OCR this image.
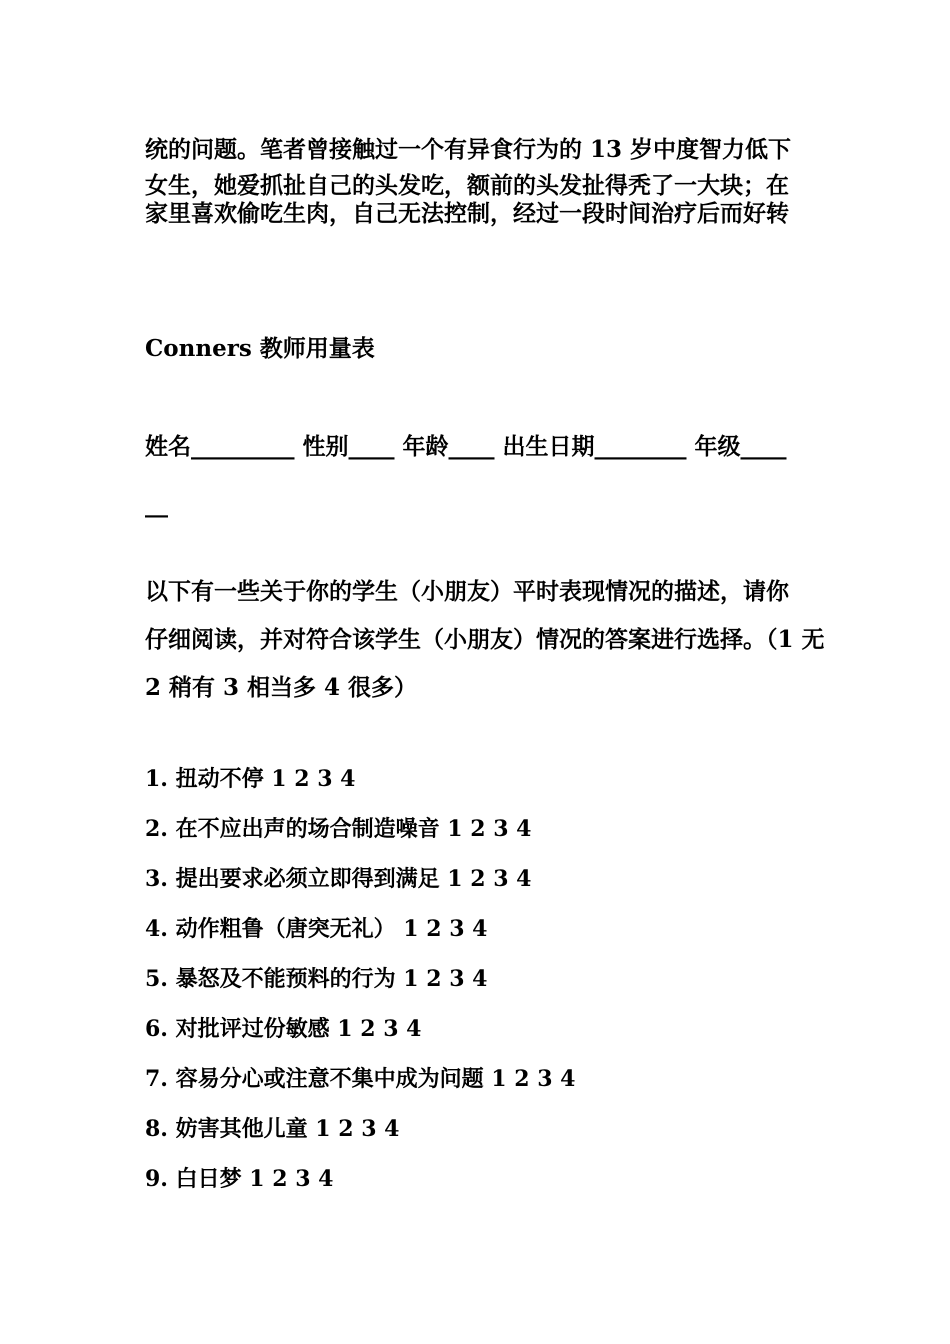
统的问题。笔者曾接触过一个有异食行为的 13 岁中度智力低下

女生，她爱抓扯自己的头发吃，额前的头发扯得秃了一大块；在

家里喜欢偷吃生肉，自己无法控制，经过一段时间治疗后而好转

Conners 教师用量表
姓名_________ 性别____ 年龄____ 出生日期________ 年级____
__

以下有一些关于你的学生（小朋友）平时表现情况的描述，请你

仔细阅读，并对符合该学生（小朋友）情况的答案进行选择。（1 无

2 稍有 3 相当多 4 很多）

1. 扭动不停 1 2 3 4
2. 在不应出声的场合制造噪音 1 2 3 4
3. 提出要求必须立即得到满足 1 2 3 4
4. 动作粗鲁（唐突无礼） 1 2 3 4
5. 暴怒及不能预料的行为 1 2 3 4
6. 对批评过份敏感 1 2 3 4
7. 容易分心或注意不集中成为问题 1 2 3 4
8. 妨害其他儿童 1 2 3 4
9. 白日梦 1 2 3 4
